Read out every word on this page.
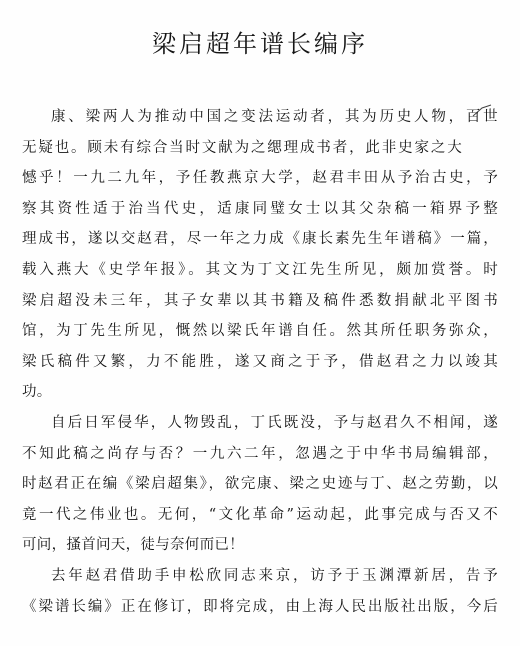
梁启超年谱长编序
康、梁两人为推动中国之变法运动者，其为历史人物，百世
无疑也。顾未有综合当时文献为之缌理成书者，此非史家之大
憾乎！一九二九年，予任教燕京大学，赵君丰田从予治古史，予
察其资性适于治当代史，适康同璧女士以其父杂稿一箱界予整
理成书，遂以交赵君，尽一年之力成《康长素先生年谱稿》一篇，
载入燕大《史学年报》。其文为丁文江先生所见，颇加赏誉。时
梁启超没未三年，其子女辈以其书籍及稿件悉数捐献北平图书
馆，为丁先生所见，慨然以梁氏年谱自任。然其所任职务弥众，
梁氏稿件又繁，力不能胜，遂又商之于予，借赵君之力以竣其
功。
自后日军侵华，人物毁乱，丁氏既没，予与赵君久不相闻，遂
不知此稿之尚存与否？一九六二年，忽遇之于中华书局编辑部，
时赵君正在编《梁启超集》，欲完康、梁之史迹与丁、赵之劳勤，以
竟一代之伟业也。无何，“文化革命”运动起，此事完成与否又不
可问，搔首问天，徒与奈何而已！
去年赵君借助手申松欣同志来京，访予于玉渊潭新居，告予
《梁谱长编》正在修订，即将完成，由上海人民出版社出版，今后
